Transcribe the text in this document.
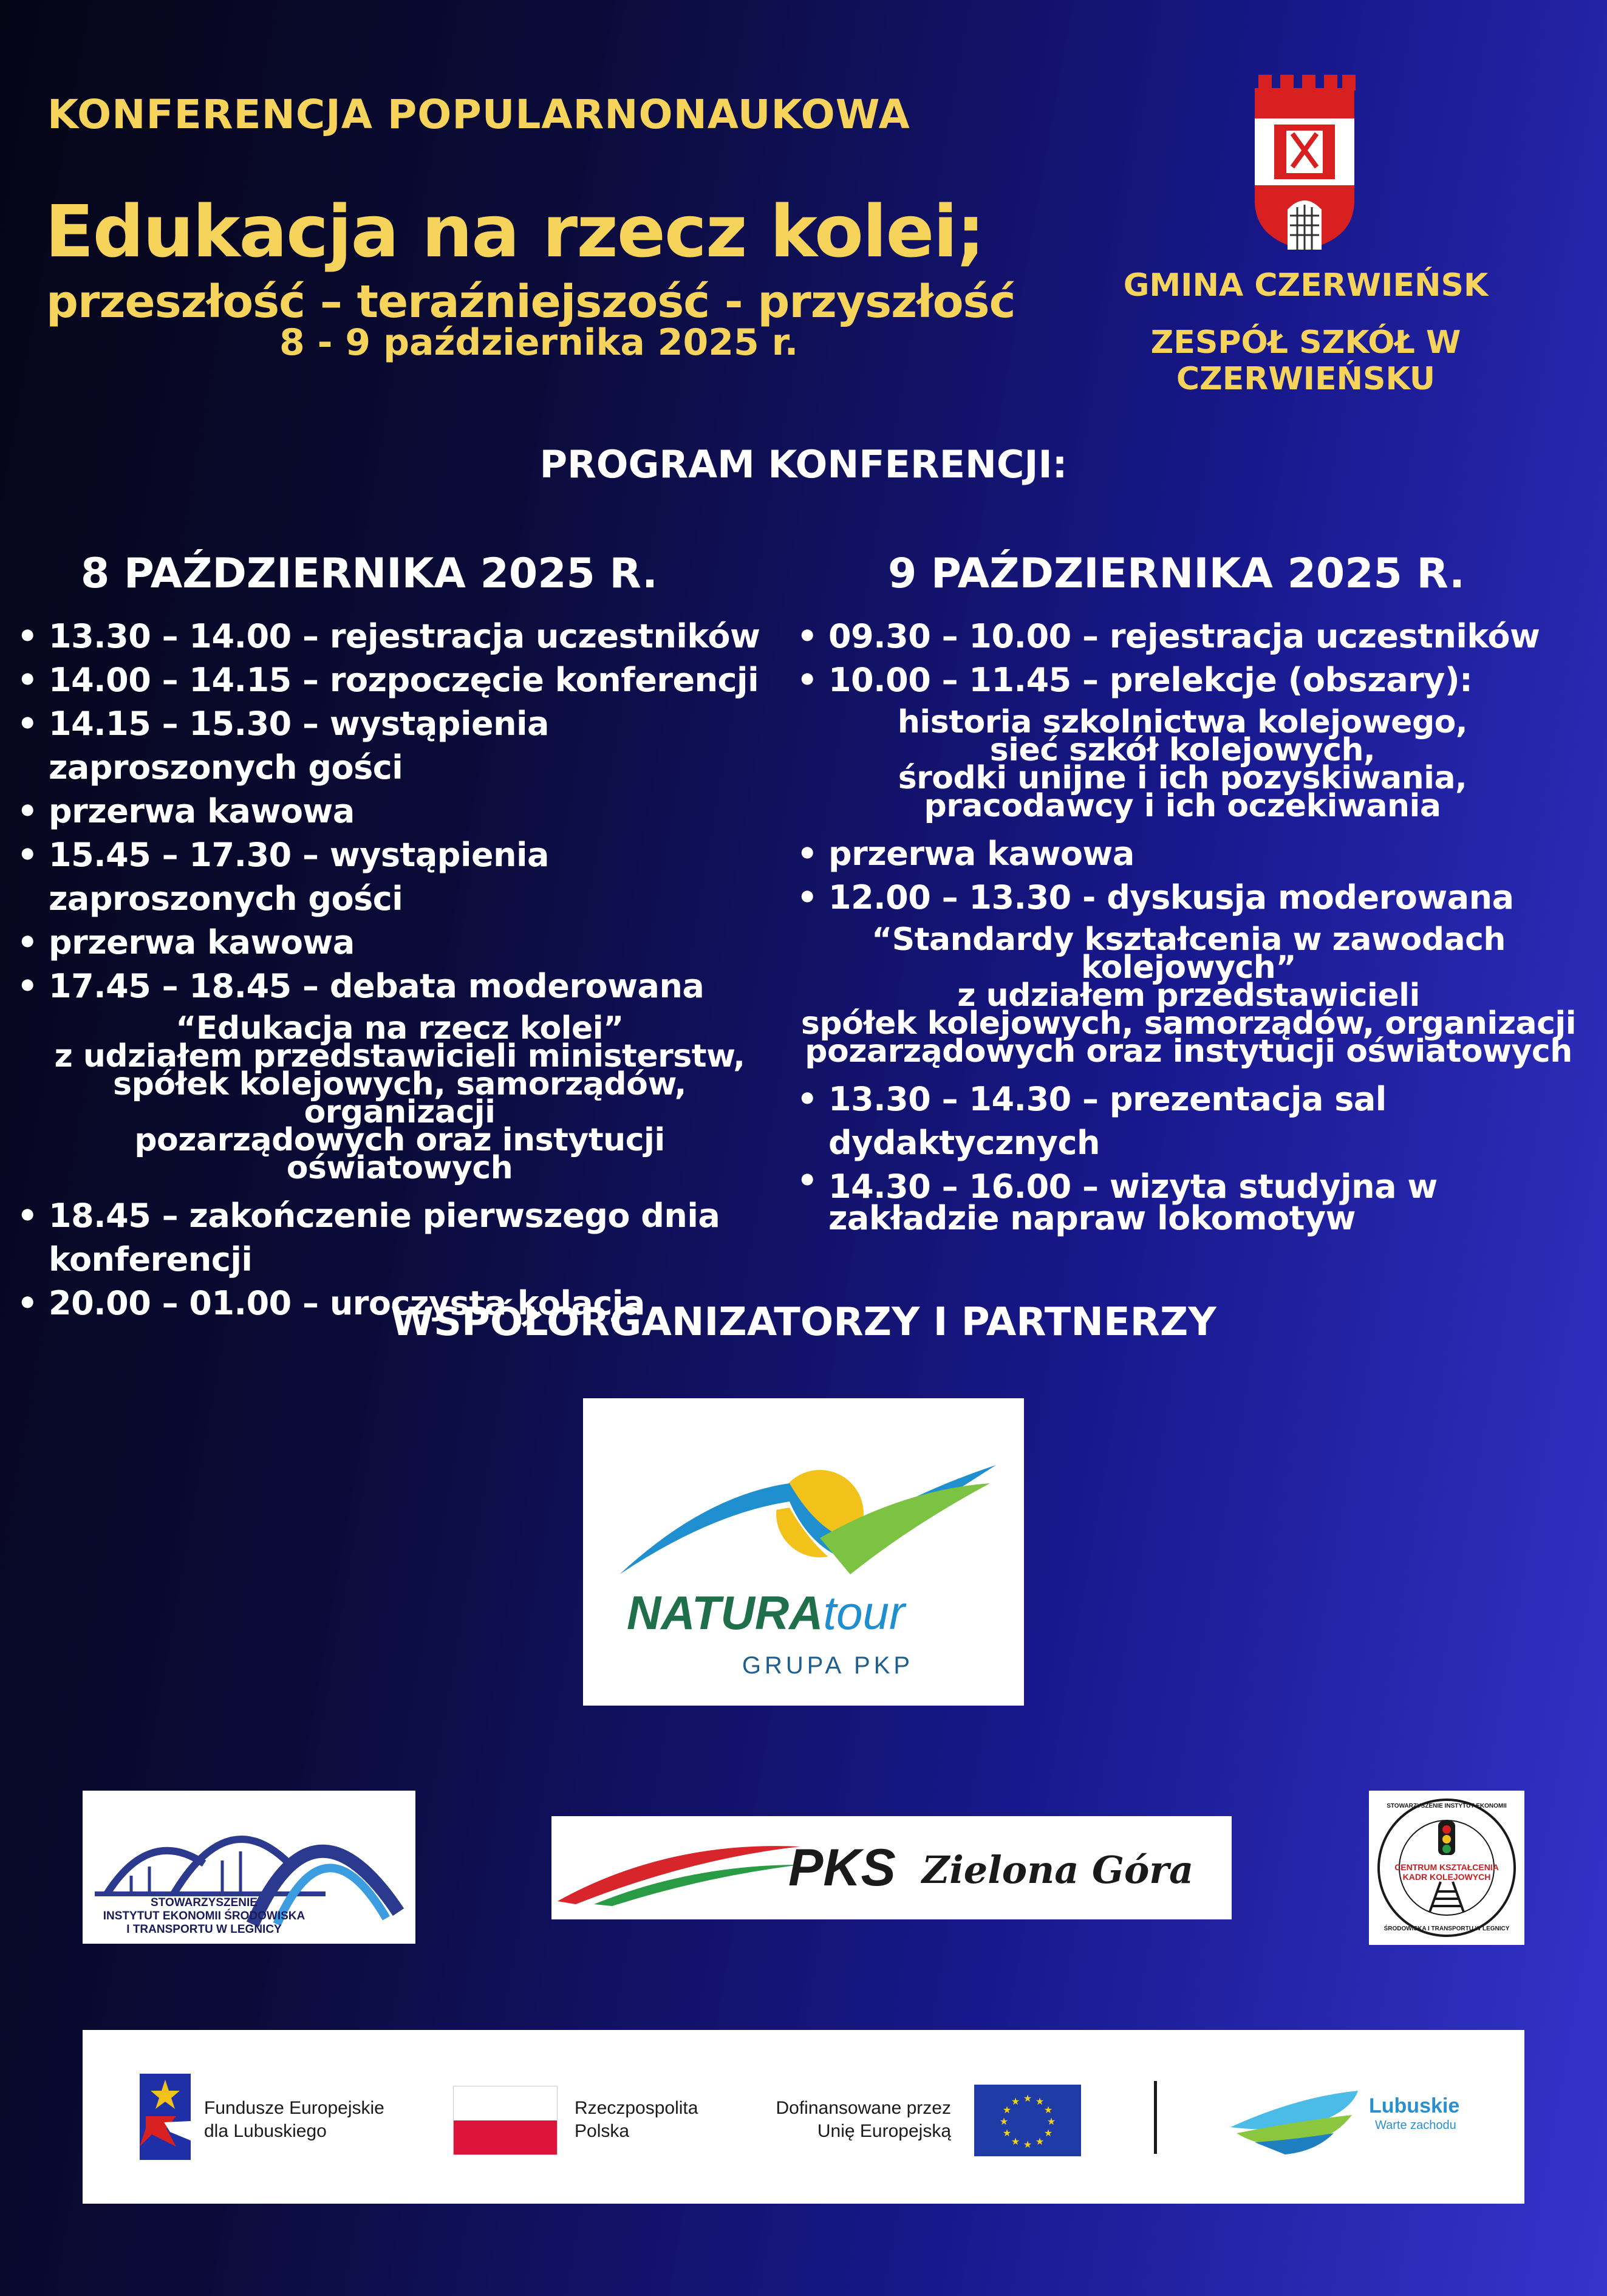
KONFERENCJA POPULARNONAUKOWA
Edukacja na rzecz kolei;
przeszłość – teraźniejszość - przyszłość
8 - 9 października 2025 r.
GMINA CZERWIEŃSK
ZESPÓŁ SZKÓŁ W CZERWIEŃSKU
PROGRAM KONFERENCJI:
8 PAŹDZIERNIKA 2025 R.
• 13.30 – 14.00 – rejestracja uczestników
• 14.00 – 14.15 – rozpoczęcie konferencji
• 14.15 – 15.30 – wystąpienia zaproszonych gości
• przerwa kawowa
• 15.45 – 17.30 – wystąpienia zaproszonych gości
• przerwa kawowa
• 17.45 – 18.45 – debata moderowana
“Edukacja na rzecz kolei”
z udziałem przedstawicieli ministerstw,
spółek kolejowych, samorządów, organizacji
pozarządowych oraz instytucji oświatowych
• 18.45 – zakończenie pierwszego dnia konferencji
• 20.00 – 01.00 – uroczysta kolacja
9 PAŹDZIERNIKA 2025 R.
• 09.30 – 10.00 – rejestracja uczestników
• 10.00 – 11.45 – prelekcje (obszary):
historia szkolnictwa kolejowego,
sieć szkół kolejowych,
środki unijne i ich pozyskiwania,
pracodawcy i ich oczekiwania
• przerwa kawowa
• 12.00 – 13.30 - dyskusja moderowana
“Standardy kształcenia w zawodach kolejowych”
z udziałem przedstawicieli
spółek kolejowych, samorządów, organizacji
pozarządowych oraz instytucji oświatowych
• 13.30 – 14.30 – prezentacja sal dydaktycznych
• 14.30 – 16.00 – wizyta studyjna w zakładzie napraw lokomotyw
WSPÓŁORGANIZATORZY I PARTNERZY
NATURAtour
GRUPA PKP
STOWARZYSZENIE
INSTYTUT EKONOMII ŚRODOWISKA
I TRANSPORTU W LEGNICY
PKS Zielona Góra	CENTRUM KSZTAŁCENIA
KADR KOLEJOWYCH
STOWARZYSZENIE INSTYTUT EKONOMII
ŚRODOWISKA I TRANSPORTU W LEGNICY
Fundusze Europejskie
dla Lubuskiego
Rzeczpospolita
Polska
Dofinansowane przez
Unię Europejską
★ ★
★
★
★
★
★
★
★
★
★
★	Lubuskie
Warte zachodu
